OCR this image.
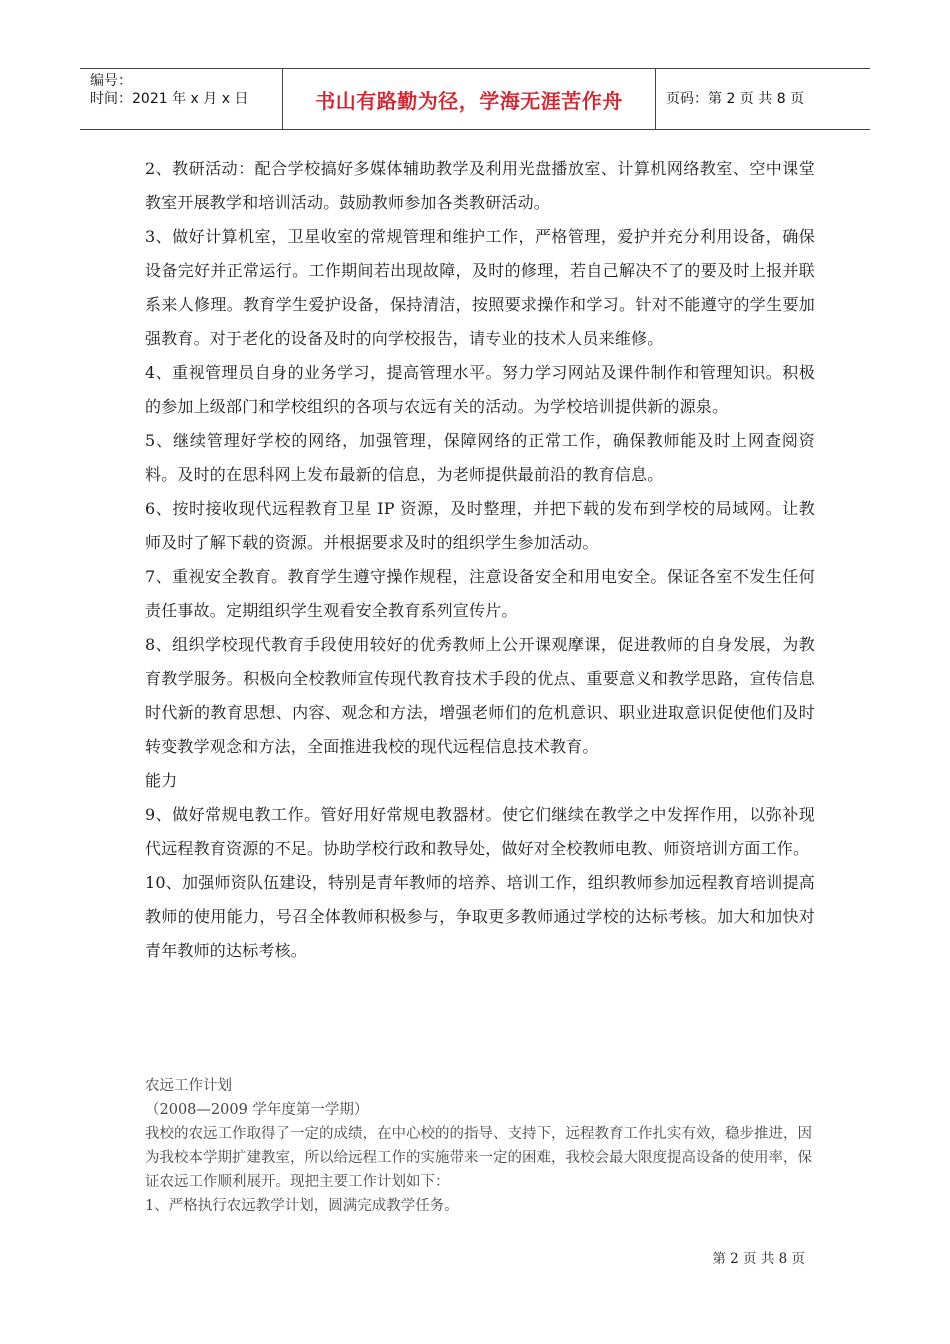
编号：
时间：2021 年 x 月 x 日	书山有路勤为径，学海无涯苦作舟	页码：第 2 页 共 8 页

2、教研活动：配合学校搞好多媒体辅助教学及利用光盘播放室、计算机网络教室、空中课堂教室开展教学和培训活动。鼓励教师参加各类教研活动。

3、做好计算机室，卫星收室的常规管理和维护工作，严格管理，爱护并充分利用设备，确保设备完好并正常运行。工作期间若出现故障，及时的修理，若自己解决不了的要及时上报并联系来人修理。教育学生爱护设备，保持清洁，按照要求操作和学习。针对不能遵守的学生要加强教育。对于老化的设备及时的向学校报告，请专业的技术人员来维修。

4、重视管理员自身的业务学习，提高管理水平。努力学习网站及课件制作和管理知识。积极的参加上级部门和学校组织的各项与农远有关的活动。为学校培训提供新的源泉。

5、继续管理好学校的网络，加强管理，保障网络的正常工作，确保教师能及时上网查阅资料。及时的在思科网上发布最新的信息，为老师提供最前沿的教育信息。

6、按时接收现代远程教育卫星 IP 资源，及时整理，并把下载的发布到学校的局域网。让教师及时了解下载的资源。并根据要求及时的组织学生参加活动。

7、重视安全教育。教育学生遵守操作规程，注意设备安全和用电安全。保证各室不发生任何责任事故。定期组织学生观看安全教育系列宣传片。

8、组织学校现代教育手段使用较好的优秀教师上公开课观摩课，促进教师的自身发展，为教育教学服务。积极向全校教师宣传现代教育技术手段的优点、重要意义和教学思路，宣传信息时代新的教育思想、内容、观念和方法，增强老师们的危机意识、职业进取意识促使他们及时转变教学观念和方法，全面推进我校的现代远程信息技术教育。

能力

9、做好常规电教工作。管好用好常规电教器材。使它们继续在教学之中发挥作用，以弥补现代远程教育资源的不足。协助学校行政和教导处，做好对全校教师电教、师资培训方面工作。

10、加强师资队伍建设，特别是青年教师的培养、培训工作，组织教师参加远程教育培训提高教师的使用能力，号召全体教师积极参与，争取更多教师通过学校的达标考核。加大和加快对青年教师的达标考核。

农远工作计划

（2008—2009 学年度第一学期）

我校的农远工作取得了一定的成绩，在中心校的的指导、支持下，远程教育工作扎实有效，稳步推进，因为我校本学期扩建教室，所以给远程工作的实施带来一定的困难，我校会最大限度提高设备的使用率，保证农远工作顺利展开。现把主要工作计划如下：

1、严格执行农远教学计划，圆满完成教学任务。

第 2 页 共 8 页
